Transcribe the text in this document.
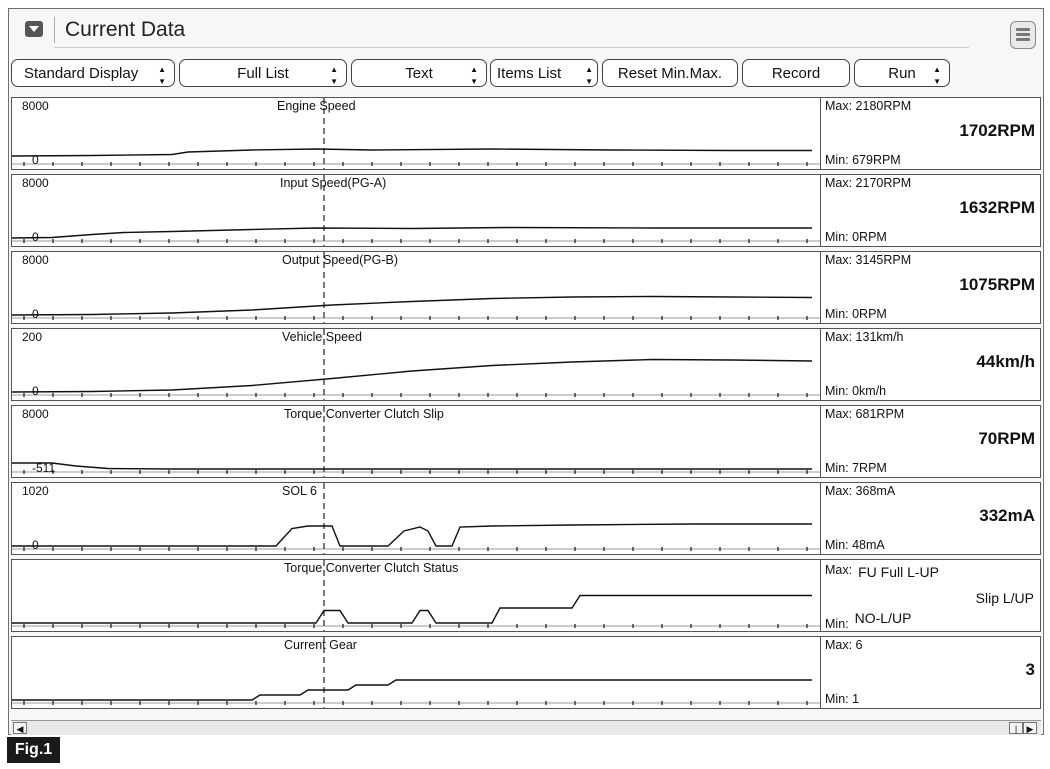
Current Data
Standard Display ▲

▼	Full List	▲

▼	Text	▲

▼	Items List	▲

▼	Reset Min.Max.	Record	Run ▲

▼
8000
0
Engine Speed	Max: 2180RPM
Min: 679RPM
1702RPM
8000
0
Input Speed(PG-A)	Max: 2170RPM
Min: 0RPM
1632RPM
8000
0
Output Speed(PG-B)	Max: 3145RPM
Min: 0RPM
1075RPM
200
0
Vehicle Speed	Max: 131km/h
Min: 0km/h
44km/h
8000
-511
Torque Converter Clutch Slip	Max: 681RPM
Min: 7RPM
70RPM
1020
0
SOL 6	Max: 368mA
Min: 48mA
332mA
Torque Converter Clutch Status	Max: FU Full L-UP
Min: NO-L/UP
Slip L/UP
Current Gear	Max: 6
Min: 1
3
◀	|	▶
Fig.1
